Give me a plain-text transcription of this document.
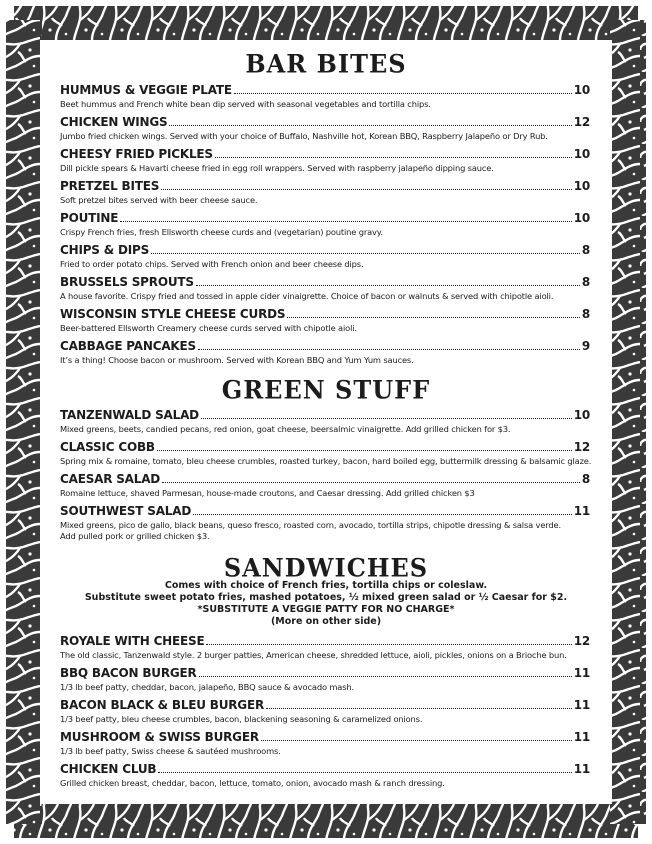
BAR BITES
HUMMUS & VEGGIE PLATE	10
Beet hummus and French white bean dip served with seasonal vegetables and tortilla chips.
CHICKEN WINGS	12
Jumbo fried chicken wings. Served with your choice of Buffalo, Nashville hot, Korean BBQ, Raspberry Jalapeño or Dry Rub.
CHEESY FRIED PICKLES	10
Dill pickle spears & Havarti cheese fried in egg roll wrappers. Served with raspberry jalapeño dipping sauce.
PRETZEL BITES	10
Soft pretzel bites served with beer cheese sauce.
POUTINE	10
Crispy French fries, fresh Ellsworth cheese curds and (vegetarian) poutine gravy.
CHIPS & DIPS	8
Fried to order potato chips. Served with French onion and beer cheese dips.
BRUSSELS SPROUTS	8
A house favorite. Crispy fried and tossed in apple cider vinaigrette. Choice of bacon or walnuts & served with chipotle aioli.
WISCONSIN STYLE CHEESE CURDS	8
Beer-battered Ellsworth Creamery cheese curds served with chipotle aioli.
CABBAGE PANCAKES	9
It’s a thing! Choose bacon or mushroom. Served with Korean BBQ and Yum Yum sauces.
GREEN STUFF
TANZENWALD SALAD	10
Mixed greens, beets, candied pecans, red onion, goat cheese, beersalmic vinaigrette. Add grilled chicken for $3.
CLASSIC COBB	12
Spring mix & romaine, tomato, bleu cheese crumbles, roasted turkey, bacon, hard boiled egg, buttermilk dressing & balsamic glaze.
CAESAR SALAD	8
Romaine lettuce, shaved Parmesan, house-made croutons, and Caesar dressing. Add grilled chicken $3
SOUTHWEST SALAD	11
Mixed greens, pico de gallo, black beans, queso fresco, roasted corn, avocado, tortilla strips, chipotle dressing & salsa verde.
Add pulled pork or grilled chicken $3.
SANDWICHES
Comes with choice of French fries, tortilla chips or coleslaw.
Substitute sweet potato fries, mashed potatoes, ½ mixed green salad or ½ Caesar for $2.
*SUBSTITUTE A VEGGIE PATTY FOR NO CHARGE*
(More on other side)
ROYALE WITH CHEESE	12
The old classic, Tanzenwald style. 2 burger patties, American cheese, shredded lettuce, aioli, pickles, onions on a Brioche bun.
BBQ BACON BURGER	11
1/3 lb beef patty, cheddar, bacon, jalapeño, BBQ sauce & avocado mash.
BACON BLACK & BLEU BURGER	11
1/3 beef patty, bleu cheese crumbles, bacon, blackening seasoning & caramelized onions.
MUSHROOM & SWISS BURGER	11
1/3 lb beef patty, Swiss cheese & sautéed mushrooms.
CHICKEN CLUB	11
Grilled chicken breast, cheddar, bacon, lettuce, tomato, onion, avocado mash & ranch dressing.
